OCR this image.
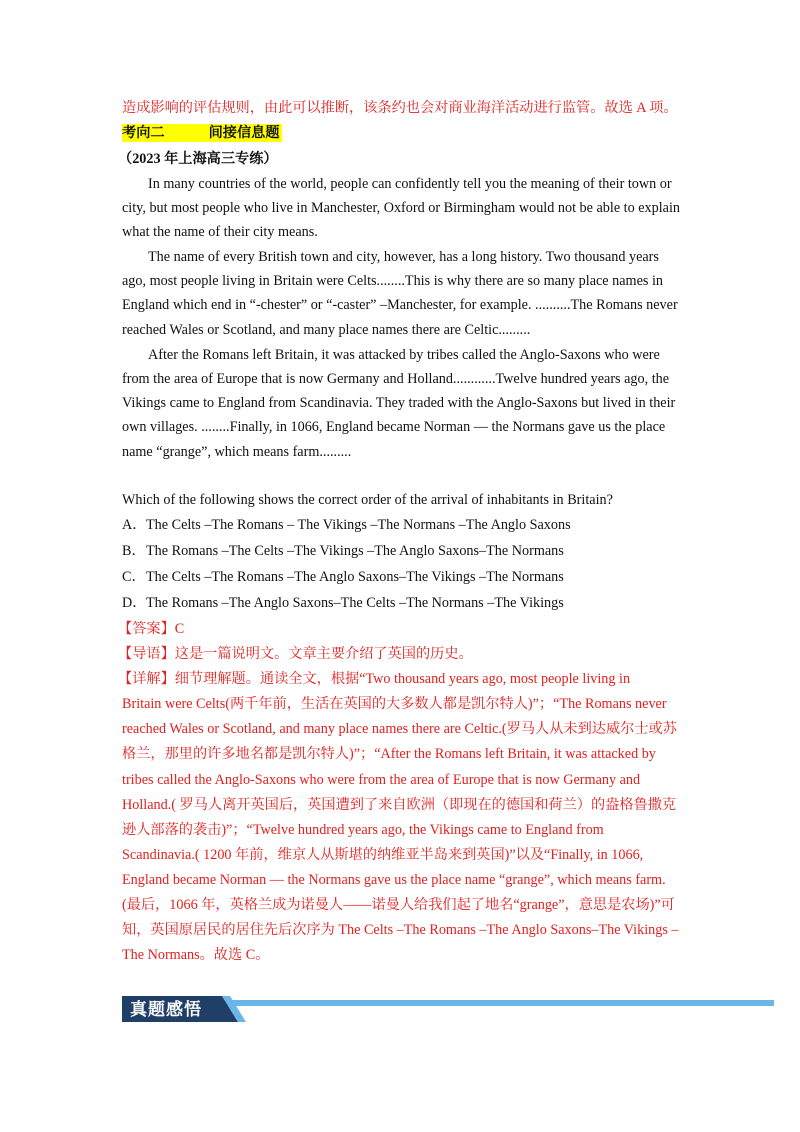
造成影响的评估规则，由此可以推断，该条约也会对商业海洋活动进行监管。故选 A 项。
考向二	间接信息题
（2023 年上海高三专练）
In many countries of the world, people can confidently tell you the meaning of their town or
city, but most people who live in Manchester, Oxford or Birmingham would not be able to explain
what the name of their city means.
The name of every British town and city, however, has a long history. Two thousand years
ago, most people living in Britain were Celts........This is why there are so many place names in
England which end in “-chester” or “-caster” –Manchester, for example. ..........The Romans never
reached Wales or Scotland, and many place names there are Celtic.........
After the Romans left Britain, it was attacked by tribes called the Anglo-Saxons who were
from the area of Europe that is now Germany and Holland............Twelve hundred years ago, the
Vikings came to England from Scandinavia. They traded with the Anglo-Saxons but lived in their
own villages. ........Finally, in 1066, England became Norman — the Normans gave us the place
name “grange”, which means farm.........
Which of the following shows the correct order of the arrival of inhabitants in Britain?
A．The Celts –The Romans – The Vikings –The Normans –The Anglo Saxons
B．The Romans –The Celts –The Vikings –The Anglo Saxons–The Normans
C．The Celts –The Romans –The Anglo Saxons–The Vikings –The Normans
D．The Romans –The Anglo Saxons–The Celts –The Normans –The Vikings
【答案】C
【导语】这是一篇说明文。文章主要介绍了英国的历史。
【详解】细节理解题。通读全文，根据“Two thousand years ago, most people living in
Britain were Celts(两千年前，生活在英国的大多数人都是凯尔特人)”；“The Romans never
reached Wales or Scotland, and many place names there are Celtic.(罗马人从未到达威尔士或苏
格兰，那里的许多地名都是凯尔特人)”；“After the Romans left Britain, it was attacked by
tribes called the Anglo-Saxons who were from the area of Europe that is now Germany and
Holland.( 罗马人离开英国后，英国遭到了来自欧洲（即现在的德国和荷兰）的盎格鲁撒克
逊人部落的袭击)”；“Twelve hundred years ago, the Vikings came to England from
Scandinavia.( 1200 年前，维京人从斯堪的纳维亚半岛来到英国)”以及“Finally, in 1066,
England became Norman — the Normans gave us the place name “grange”, which means farm.
(最后，1066 年，英格兰成为诺曼人——诺曼人给我们起了地名“grange”，意思是农场)”可
知，英国原居民的居住先后次序为 The Celts –The Romans –The Anglo Saxons–The Vikings –
The Normans。故选 C。
真题感悟
